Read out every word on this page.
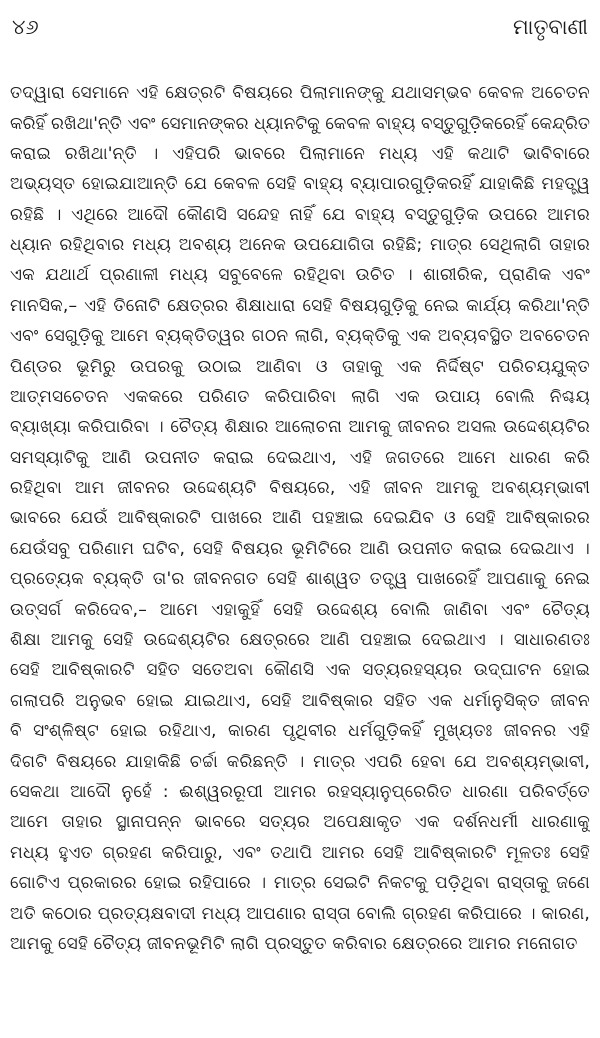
୪୬	ମାତୃବାଣୀ
ତଦ୍ୱାରା ସେମାନେ ଏହି କ୍ଷେତ୍ରଟି ବିଷୟରେ ପିଲାମାନଙ୍କୁ ଯଥାସମ୍ଭବ କେବଳ ଅଚେତନ
କରିହିଁ ରଖିଥା'ନ୍ତି ଏବଂ ସେମାନଙ୍କର ଧ୍ୟାନଟିକୁ କେବଳ ବାହ୍ୟ ବସ୍ତୁଗୁଡ଼ିକରେହିଁ କେନ୍ଦ୍ରିତ
କରାଇ ରଖିଥା'ନ୍ତି । ଏହିପରି ଭାବରେ ପିଲାମାନେ ମଧ୍ୟ ଏହି କଥାଟି ଭାବିବାରେ
ଅଭ୍ୟସ୍ତ ହୋଇଯାଆନ୍ତି ଯେ କେବଳ ସେହି ବାହ୍ୟ ବ୍ୟାପାରଗୁଡ଼ିକରହିଁ ଯାହାକିଛି ମହତ୍ତ୍ୱ
ରହିଛି । ଏଥିରେ ଆଦୌ କୌଣସି ସନ୍ଦେହ ନାହିଁ ଯେ ବାହ୍ୟ ବସ୍ତୁଗୁଡ଼ିକ ଉପରେ ଆମର
ଧ୍ୟାନ ରହିଥିବାର ମଧ୍ୟ ଅବଶ୍ୟ ଅନେକ ଉପଯୋଗିତା ରହିଛି; ମାତ୍ର ସେଥିଲାଗି ତାହାର
ଏକ ଯଥାର୍ଥ ପ୍ରଣାଳୀ ମଧ୍ୟ ସବୁବେଳେ ରହିଥିବା ଉଚିତ । ଶାରୀରିକ, ପ୍ରାଣିକ ଏବଂ
ମାନସିକ,– ଏହି ତିନୋଟି କ୍ଷେତ୍ରର ଶିକ୍ଷାଧାରା ସେହି ବିଷୟଗୁଡ଼ିକୁ ନେଇ କାର୍ଯ୍ୟ କରିଥା'ନ୍ତି
ଏବଂ ସେଗୁଡ଼ିକୁ ଆମେ ବ୍ୟକ୍ତିତ୍ୱର ଗଠନ ଲାଗି, ବ୍ୟକ୍ତିକୁ ଏକ ଅବ୍ୟବସ୍ଥିତ ଅବଚେତନ
ପିଣ୍ଡର ଭୂମିରୁ ଉପରକୁ ଉଠାଇ ଆଣିବା ଓ ତାହାକୁ ଏକ ନିର୍ଦ୍ଦିଷ୍ଟ ପରିଚୟଯୁକ୍ତ
ଆତ୍ମସଚେତନ ଏକକରେ ପରିଣତ କରିପାରିବା ଲାଗି ଏକ ଉପାୟ ବୋଲି ନିଶ୍ଚୟ
ବ୍ୟାଖ୍ୟା କରିପାରିବା । ଚୈତ୍ୟ ଶିକ୍ଷାର ଆଲୋଚନା ଆମକୁ ଜୀବନର ଅସଲ ଉଦ୍ଦେଶ୍ୟଟିର
ସମସ୍ୟାଟିକୁ ଆଣି ଉପନୀତ କରାଇ ଦେଇଥାଏ, ଏହି ଜଗତରେ ଆମେ ଧାରଣ କରି
ରହିଥିବା ଆମ ଜୀବନର ଉଦ୍ଦେଶ୍ୟଟି ବିଷୟରେ, ଏହି ଜୀବନ ଆମକୁ ଅବଶ୍ୟମ୍ଭାବୀ
ଭାବରେ ଯେଉଁ ଆବିଷ୍କାରଟି ପାଖରେ ଆଣି ପହଞ୍ଚାଇ ଦେଇଯିବ ଓ ସେହି ଆବିଷ୍କାରର
ଯେଉଁସବୁ ପରିଣାମ ଘଟିବ, ସେହି ବିଷୟର ଭୂମିଟିରେ ଆଣି ଉପନୀତ କରାଇ ଦେଇଥାଏ ।
ପ୍ରତ୍ୟେକ ବ୍ୟକ୍ତି ତା'ର ଜୀବନଗତ ସେହି ଶାଶ୍ୱତ ତତ୍ତ୍ୱ ପାଖରେହିଁ ଆପଣାକୁ ନେଇ
ଉତ୍ସର୍ଗ କରିଦେବ,– ଆମେ ଏହାକୁହିଁ ସେହି ଉଦ୍ଦେଶ୍ୟ ବୋଲି ଜାଣିବା ଏବଂ ଚୈତ୍ୟ
ଶିକ୍ଷା ଆମକୁ ସେହି ଉଦ୍ଦେଶ୍ୟଟିର କ୍ଷେତ୍ରରେ ଆଣି ପହଞ୍ଚାଇ ଦେଇଥାଏ । ସାଧାରଣତଃ
ସେହି ଆବିଷ୍କାରଟି ସହିତ ସତେଅବା କୌଣସି ଏକ ସତ୍ୟରହସ୍ୟର ଉଦ୍‌ଘାଟନ ହୋଇ
ଗଲାପରି ଅନୁଭବ ହୋଇ ଯାଇଥାଏ, ସେହି ଆବିଷ୍କାର ସହିତ ଏକ ଧର୍ମାନୁସିକ୍ତ ଜୀବନ
ବି ସଂଶ୍ଳିଷ୍ଟ ହୋଇ ରହିଥାଏ, କାରଣ ପୃଥିବୀର ଧର୍ମଗୁଡ଼ିକହିଁ ମୁଖ୍ୟତଃ ଜୀବନର ଏହି
ଦିଗଟି ବିଷୟରେ ଯାହାକିଛି ଚର୍ଚ୍ଚା କରିଛନ୍ତି । ମାତ୍ର ଏପରି ହେବା ଯେ ଅବଶ୍ୟମ୍ଭାବୀ,
ସେକଥା ଆଦୌ ନୁହେଁ : ଈଶ୍ୱରରୂପୀ ଆମର ରହସ୍ୟାନୁପ୍ରେରିତ ଧାରଣା ପରିବର୍ତ୍ତେ
ଆମେ ତାହାର ସ୍ଥାନାପନ୍ନ ଭାବରେ ସତ୍ୟର ଅପେକ୍ଷାକୃତ ଏକ ଦର୍ଶନଧର୍ମୀ ଧାରଣାକୁ
ମଧ୍ୟ ହୁଏତ ଗ୍ରହଣ କରିପାରୁ, ଏବଂ ତଥାପି ଆମର ସେହି ଆବିଷ୍କାରଟି ମୂଳତଃ ସେହି
ଗୋଟିଏ ପ୍ରକାରର ହୋଇ ରହିପାରେ । ମାତ୍ର ସେଇଟି ନିକଟକୁ ପଡ଼ିଥିବା ରାସ୍ତାକୁ ଜଣେ
ଅତି କଠୋର ପ୍ରତ୍ୟକ୍ଷବାଦୀ ମଧ୍ୟ ଆପଣାର ରାସ୍ତା ବୋଲି ଗ୍ରହଣ କରିପାରେ । କାରଣ,
ଆମକୁ ସେହି ଚୈତ୍ୟ ଜୀବନଭୂମିଟି ଲାଗି ପ୍ରସ୍ତୁତ କରିବାର କ୍ଷେତ୍ରରେ ଆମର ମନୋଗତ
